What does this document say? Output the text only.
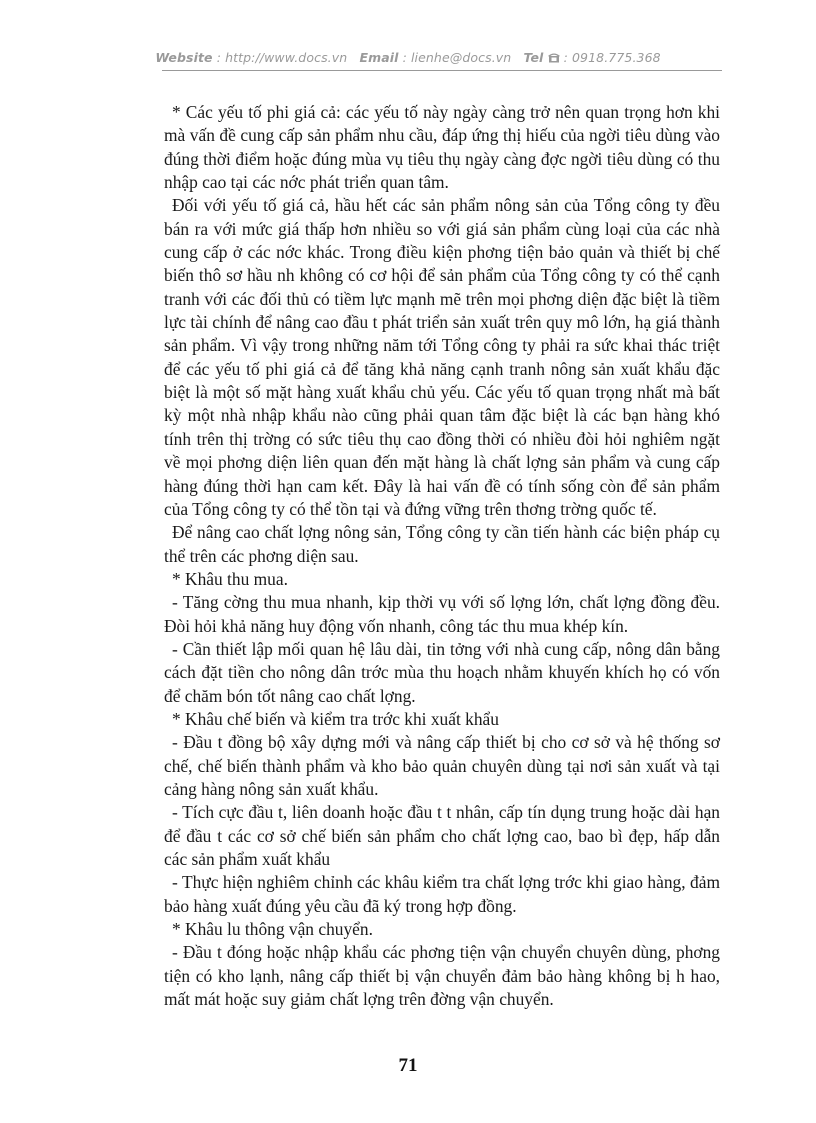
Website : http://www.docs.vn Email : lienhe@docs.vn Tel : 0918.775.368

* Các yếu tố phi giá cả: các yếu tố này ngày càng trở nên quan trọng hơn khi mà vấn đề cung cấp sản phẩm nhu cầu, đáp ứng thị hiếu của ngời tiêu dùng vào đúng thời điểm hoặc đúng mùa vụ tiêu thụ ngày càng đợc ngời tiêu dùng có thu nhập cao tại các nớc phát triển quan tâm.

Đối với yếu tố giá cả, hầu hết các sản phẩm nông sản của Tổng công ty đều bán ra với mức giá thấp hơn nhiều so với giá sản phẩm cùng loại của các nhà cung cấp ở các nớc khác. Trong điều kiện phơng tiện bảo quản và thiết bị chế biến thô sơ hầu nh không có cơ hội để sản phẩm của Tổng công ty có thể cạnh tranh với các đối thủ có tiềm lực mạnh mẽ trên mọi phơng diện đặc biệt là tiềm lực tài chính để nâng cao đầu t phát triển sản xuất trên quy mô lớn, hạ giá thành sản phẩm. Vì vậy trong những năm tới Tổng công ty phải ra sức khai thác triệt để các yếu tố phi giá cả để tăng khả năng cạnh tranh nông sản xuất khẩu đặc biệt là một số mặt hàng xuất khẩu chủ yếu. Các yếu tố quan trọng nhất mà bất kỳ một nhà nhập khẩu nào cũng phải quan tâm đặc biệt là các bạn hàng khó tính trên thị trờng có sức tiêu thụ cao đồng thời có nhiều đòi hỏi nghiêm ngặt về mọi phơng diện liên quan đến mặt hàng là chất lợng sản phẩm và cung cấp hàng đúng thời hạn cam kết. Đây là hai vấn đề có tính sống còn để sản phẩm của Tổng công ty có thể tồn tại và đứng vững trên thơng trờng quốc tế.

Để nâng cao chất lợng nông sản, Tổng công ty cần tiến hành các biện pháp cụ thể trên các phơng diện sau.

* Khâu thu mua.

- Tăng cờng thu mua nhanh, kịp thời vụ với số lợng lớn, chất lợng đồng đều. Đòi hỏi khả năng huy động vốn nhanh, công tác thu mua khép kín.

- Cần thiết lập mối quan hệ lâu dài, tin tởng với nhà cung cấp, nông dân bằng cách đặt tiền cho nông dân trớc mùa thu hoạch nhằm khuyến khích họ có vốn để chăm bón tốt nâng cao chất lợng.

* Khâu chế biến và kiểm tra trớc khi xuất khẩu

- Đầu t đồng bộ xây dựng mới và nâng cấp thiết bị cho cơ sở và hệ thống sơ chế, chế biến thành phẩm và kho bảo quản chuyên dùng tại nơi sản xuất và tại cảng hàng nông sản xuất khẩu.

- Tích cực đầu t, liên doanh hoặc đầu t t nhân, cấp tín dụng trung hoặc dài hạn để đầu t các cơ sở chế biến sản phẩm cho chất lợng cao, bao bì đẹp, hấp dẫn các sản phẩm xuất khẩu

- Thực hiện nghiêm chỉnh các khâu kiểm tra chất lợng trớc khi giao hàng, đảm bảo hàng xuất đúng yêu cầu đã ký trong hợp đồng.

* Khâu lu thông vận chuyển.

- Đầu t đóng hoặc nhập khẩu các phơng tiện vận chuyển chuyên dùng, phơng tiện có kho lạnh, nâng cấp thiết bị vận chuyển đảm bảo hàng không bị h hao, mất mát hoặc suy giảm chất lợng trên đờng vận chuyển.

71
